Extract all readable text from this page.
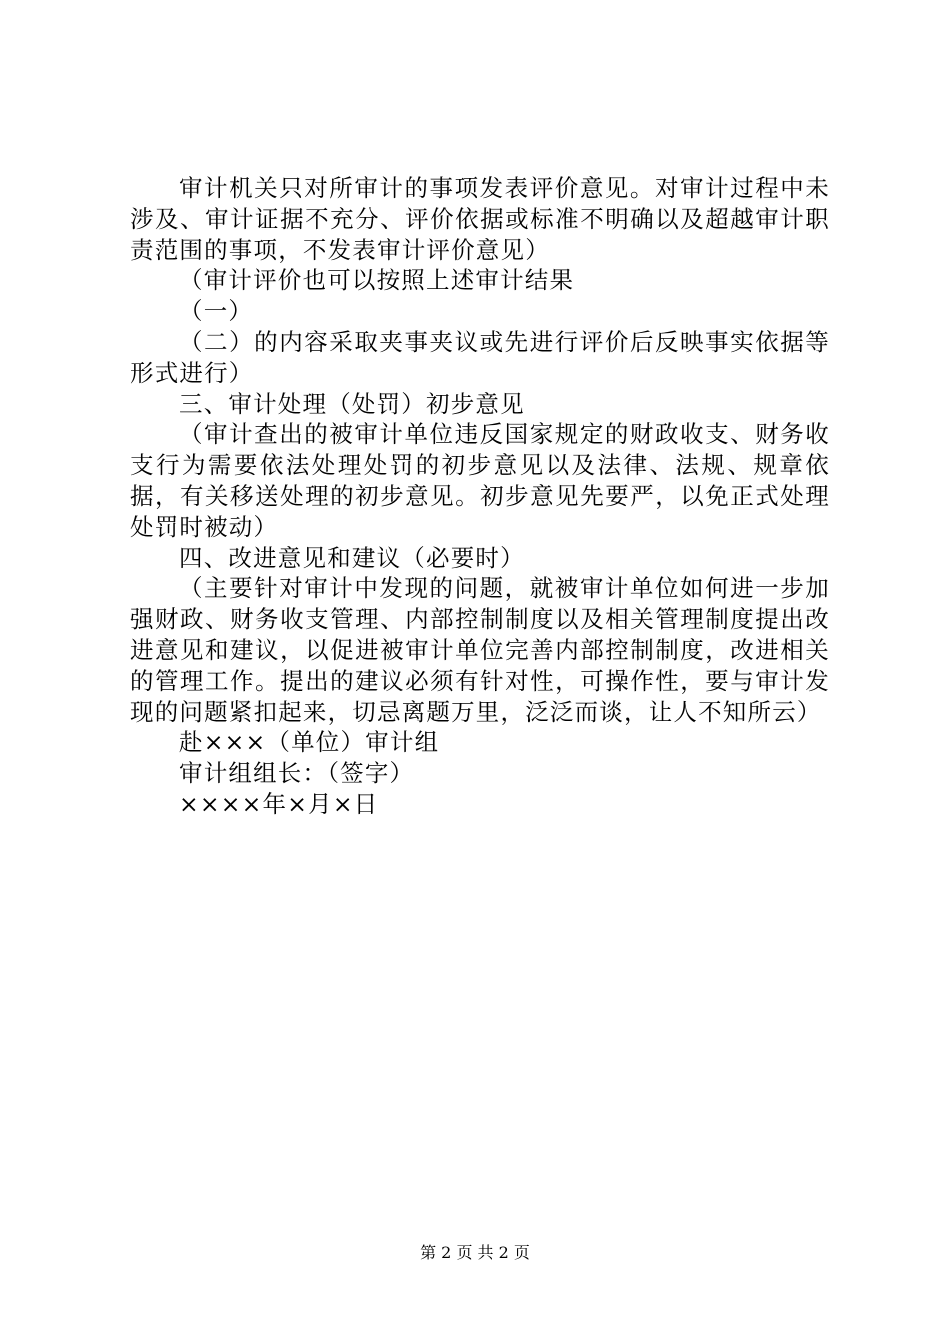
审计机关只对所审计的事项发表评价意见。对审计过程中未涉及、审计证据不充分、评价依据或标准不明确以及超越审计职责范围的事项，不发表审计评价意见）

（审计评价也可以按照上述审计结果

（一）

（二）的内容采取夹事夹议或先进行评价后反映事实依据等形式进行）

三、审计处理（处罚）初步意见

（审计查出的被审计单位违反国家规定的财政收支、财务收支行为需要依法处理处罚的初步意见以及法律、法规、规章依据，有关移送处理的初步意见。初步意见先要严，以免正式处理处罚时被动）

四、改进意见和建议（必要时）

（主要针对审计中发现的问题，就被审计单位如何进一步加强财政、财务收支管理、内部控制制度以及相关管理制度提出改进意见和建议，以促进被审计单位完善内部控制制度，改进相关的管理工作。提出的建议必须有针对性，可操作性，要与审计发现的问题紧扣起来，切忌离题万里，泛泛而谈，让人不知所云）

赴×××（单位）审计组

审计组组长：（签字）

××××年×月×日

第 2 页 共 2 页
